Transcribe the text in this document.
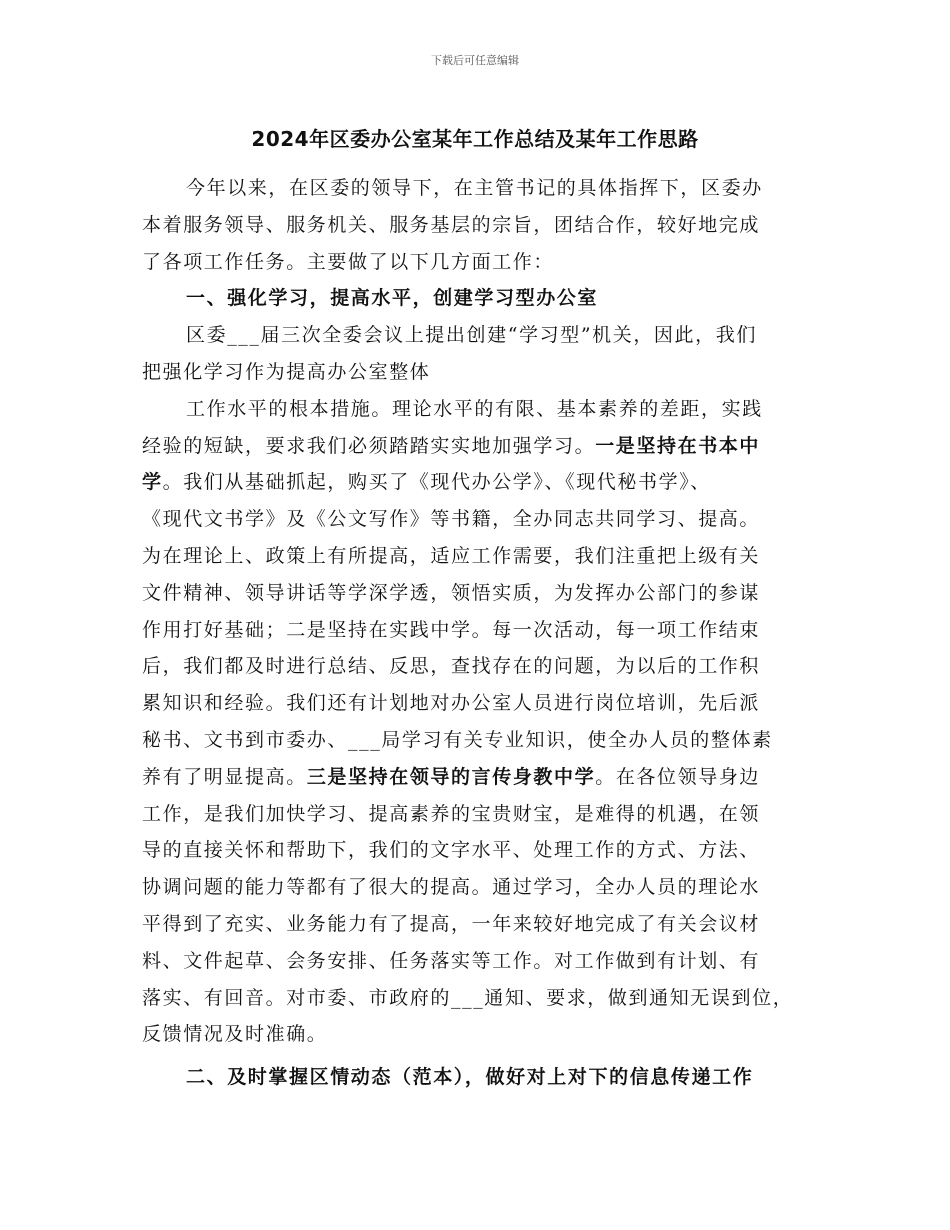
下载后可任意编辑
2024年区委办公室某年工作总结及某年工作思路
今年以来，在区委的领导下，在主管书记的具体指挥下，区委办
本着服务领导、服务机关、服务基层的宗旨，团结合作，较好地完成
了各项工作任务。主要做了以下几方面工作：
一、强化学习，提高水平，创建学习型办公室
区委___届三次全委会议上提出创建“学习型”机关，因此，我们
把强化学习作为提高办公室整体
工作水平的根本措施。理论水平的有限、基本素养的差距，实践
经验的短缺，要求我们必须踏踏实实地加强学习。一是坚持在书本中
学。我们从基础抓起，购买了《现代办公学》、《现代秘书学》、
《现代文书学》及《公文写作》等书籍，全办同志共同学习、提高。
为在理论上、政策上有所提高，适应工作需要，我们注重把上级有关
文件精神、领导讲话等学深学透，领悟实质，为发挥办公部门的参谋
作用打好基础；二是坚持在实践中学。每一次活动，每一项工作结束
后，我们都及时进行总结、反思，查找存在的问题，为以后的工作积
累知识和经验。我们还有计划地对办公室人员进行岗位培训，先后派
秘书、文书到市委办、___局学习有关专业知识，使全办人员的整体素
养有了明显提高。三是坚持在领导的言传身教中学。在各位领导身边
工作，是我们加快学习、提高素养的宝贵财宝，是难得的机遇，在领
导的直接关怀和帮助下，我们的文字水平、处理工作的方式、方法、
协调问题的能力等都有了很大的提高。通过学习，全办人员的理论水
平得到了充实、业务能力有了提高，一年来较好地完成了有关会议材
料、文件起草、会务安排、任务落实等工作。对工作做到有计划、有
落实、有回音。对市委、市政府的___通知、要求，做到通知无误到位，
反馈情况及时准确。
二、及时掌握区情动态（范本），做好对上对下的信息传递工作
